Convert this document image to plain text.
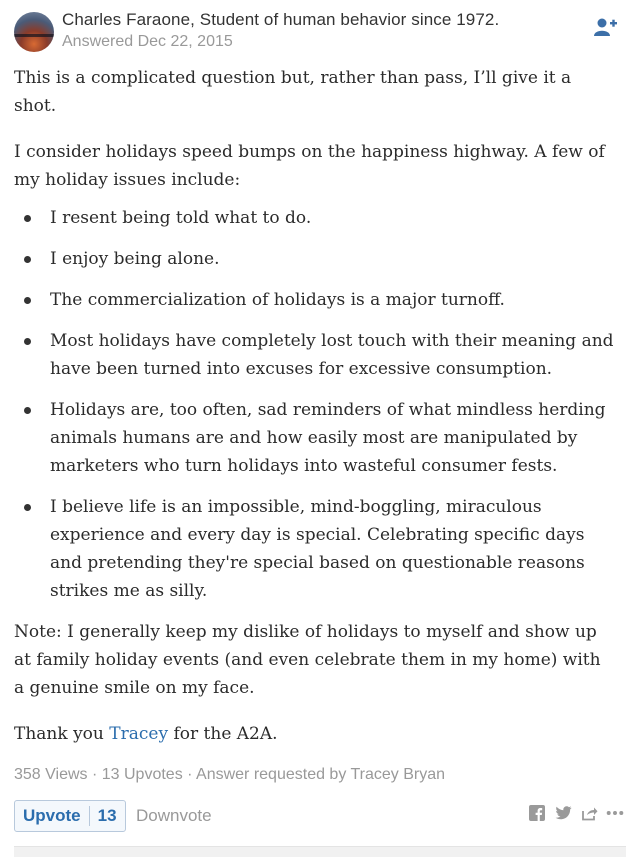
Charles Faraone, Student of human behavior since 1972.
Answered Dec 22, 2015

This is a complicated question but, rather than pass, I’ll give it a shot.

I consider holidays speed bumps on the happiness highway. A few of my holiday issues include:

I resent being told what to do.
I enjoy being alone.
The commercialization of holidays is a major turnoff.
Most holidays have completely lost touch with their meaning and have been turned into excuses for excessive consumption.
Holidays are, too often, sad reminders of what mindless herding animals humans are and how easily most are manipulated by marketers who turn holidays into wasteful consumer fests.
I believe life is an impossible, mind-boggling, miraculous experience and every day is special. Celebrating specific days and pretending they're special based on questionable reasons strikes me as silly.

Note: I generally keep my dislike of holidays to myself and show up at family holiday events (and even celebrate them in my home) with a genuine smile on my face.

Thank you Tracey for the A2A.

358 Views · 13 Upvotes · Answer requested by Tracey Bryan
Upvote 13 Downvote
